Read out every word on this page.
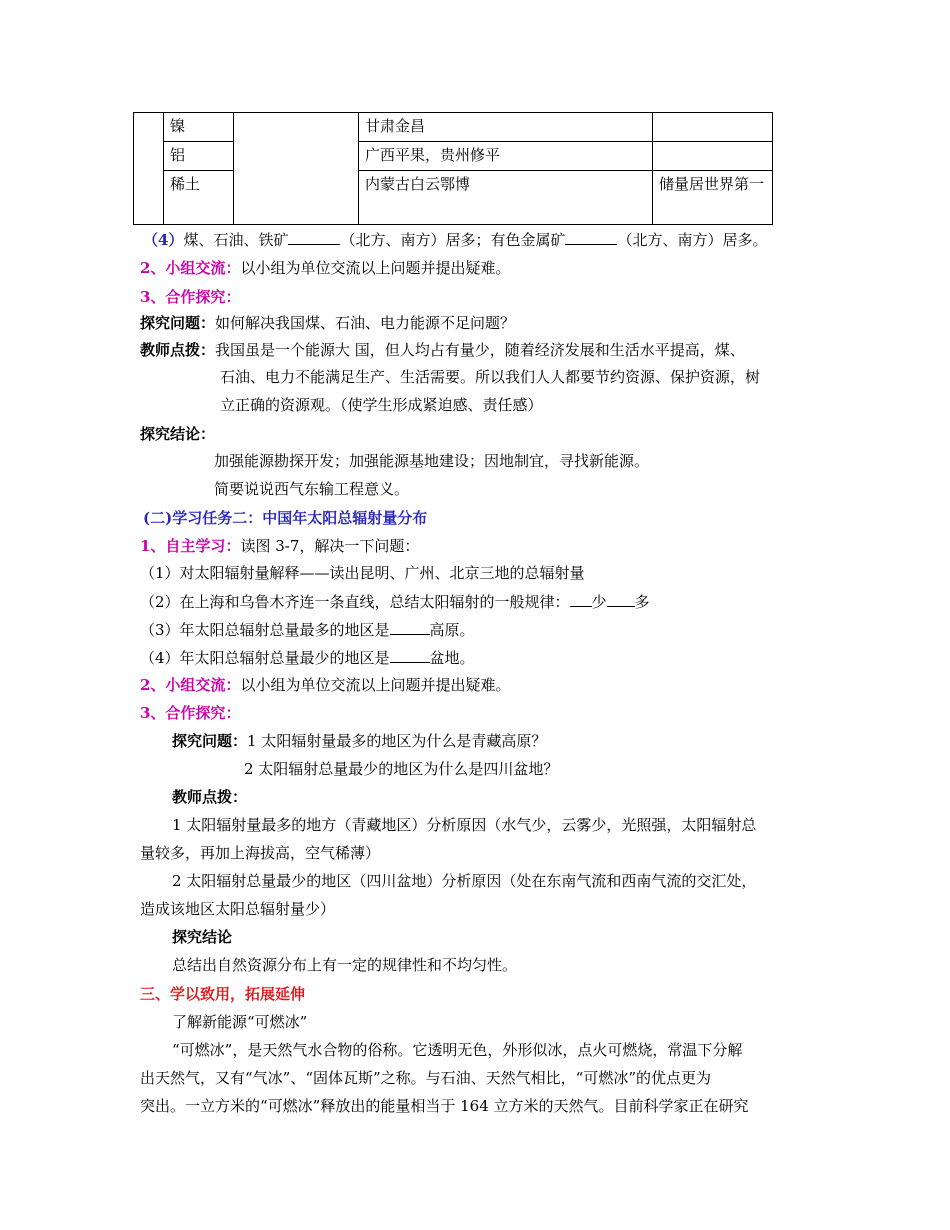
	镍		甘肃金昌	
	铝		广西平果，贵州修平	
	稀土		内蒙古白云鄂博	储量居世界第一
（4）煤、石油、铁矿	（北方、南方）居多；有色金属矿	（北方、南方）居多。
2、小组交流：以小组为单位交流以上问题并提出疑难。
3、合作探究：
探究问题：如何解决我国煤、石油、电力能源不足问题？
教师点拨：我国虽是一个能源大 国，但人均占有量少，随着经济发展和生活水平提高，煤、
石油、电力不能满足生产、生活需要。所以我们人人都要节约资源、保护资源，树
立正确的资源观。（使学生形成紧迫感、责任感）
探究结论：
加强能源勘探开发；加强能源基地建设；因地制宜，寻找新能源。
简要说说西气东输工程意义。
(二)学习任务二：中国年太阳总辐射量分布
1、自主学习：读图 3-7，解决一下问题：
（1）对太阳辐射量解释——读出昆明、广州、北京三地的总辐射量
（2）在上海和乌鲁木齐连一条直线，总结太阳辐射的一般规律： 少 多
（3）年太阳总辐射总量最多的地区是	高原。
（4）年太阳总辐射总量最少的地区是	盆地。
2、小组交流：以小组为单位交流以上问题并提出疑难。
3、合作探究：
探究问题：1 太阳辐射量最多的地区为什么是青藏高原？
2 太阳辐射总量最少的地区为什么是四川盆地？
教师点拨：
1 太阳辐射量最多的地方（青藏地区）分析原因（水气少，云雾少，光照强，太阳辐射总
量较多，再加上海拔高，空气稀薄）
2 太阳辐射总量最少的地区（四川盆地）分析原因（处在东南气流和西南气流的交汇处，
造成该地区太阳总辐射量少）
探究结论
总结出自然资源分布上有一定的规律性和不均匀性。
三、学以致用，拓展延伸
了解新能源“可燃冰”
“可燃冰”，是天然气水合物的俗称。它透明无色，外形似冰，点火可燃烧，常温下分解
出天然气，又有“气冰”、“固体瓦斯”之称。与石油、天然气相比，“可燃冰”的优点更为
突出。一立方米的“可燃冰”释放出的能量相当于 164 立方米的天然气。目前科学家正在研究
